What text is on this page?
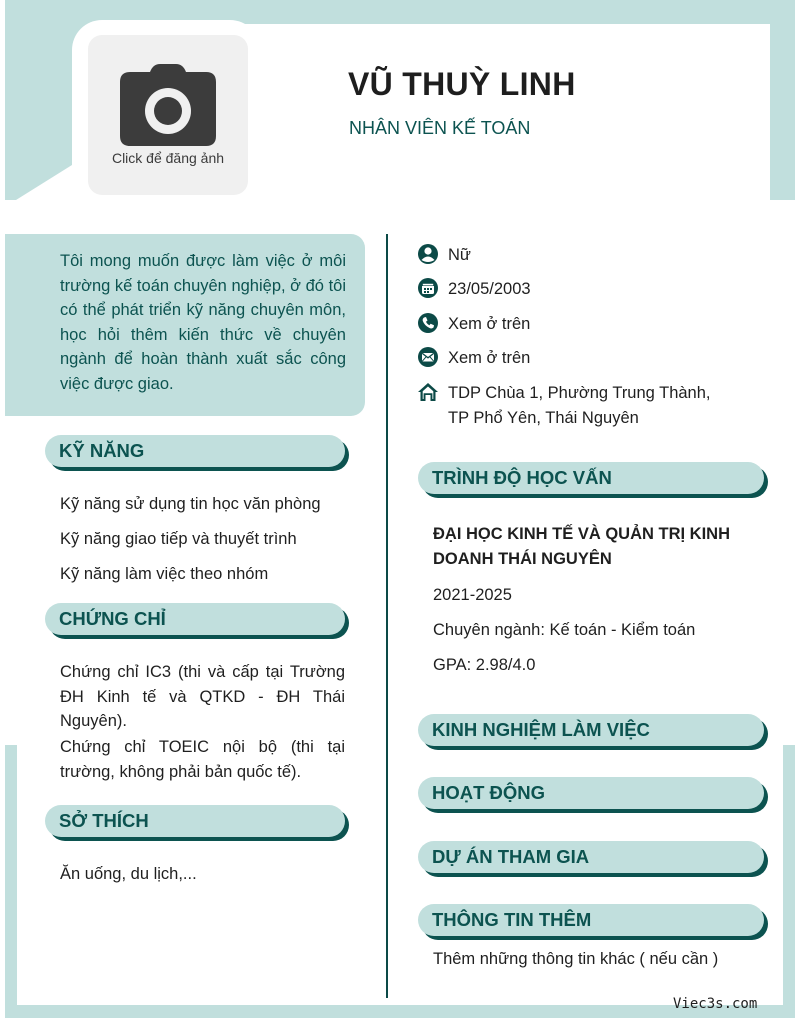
Click để đăng ảnh
VŨ THUỲ LINH
NHÂN VIÊN KẾ TOÁN

Tôi mong muốn được làm việc ở môi trường kế toán chuyên nghiệp, ở đó tôi có thể phát triển kỹ năng chuyên môn, học hỏi thêm kiến thức về chuyên ngành để hoàn thành xuất sắc công việc được giao.

Nữ
23/05/2003
Xem ở trên
Xem ở trên
TDP Chùa 1, Phường Trung Thành,
TP Phổ Yên, Thái Nguyên
KỸ NĂNG
Kỹ năng sử dụng tin học văn phòng
Kỹ năng giao tiếp và thuyết trình
Kỹ năng làm việc theo nhóm
CHỨNG CHỈ
Chứng chỉ IC3 (thi và cấp tại Trường ĐH Kinh tế và QTKD - ĐH Thái Nguyên).
Chứng chỉ TOEIC nội bộ (thi tại trường, không phải bản quốc tế).
SỞ THÍCH
Ăn uống, du lịch,...
TRÌNH ĐỘ HỌC VẤN
ĐẠI HỌC KINH TẾ VÀ QUẢN TRỊ KINH
DOANH THÁI NGUYÊN
2021-2025
Chuyên ngành: Kế toán - Kiểm toán
GPA: 2.98/4.0
KINH NGHIỆM LÀM VIỆC
HOẠT ĐỘNG
DỰ ÁN THAM GIA
THÔNG TIN THÊM
Thêm những thông tin khác ( nếu cần )
Viec3s.com
